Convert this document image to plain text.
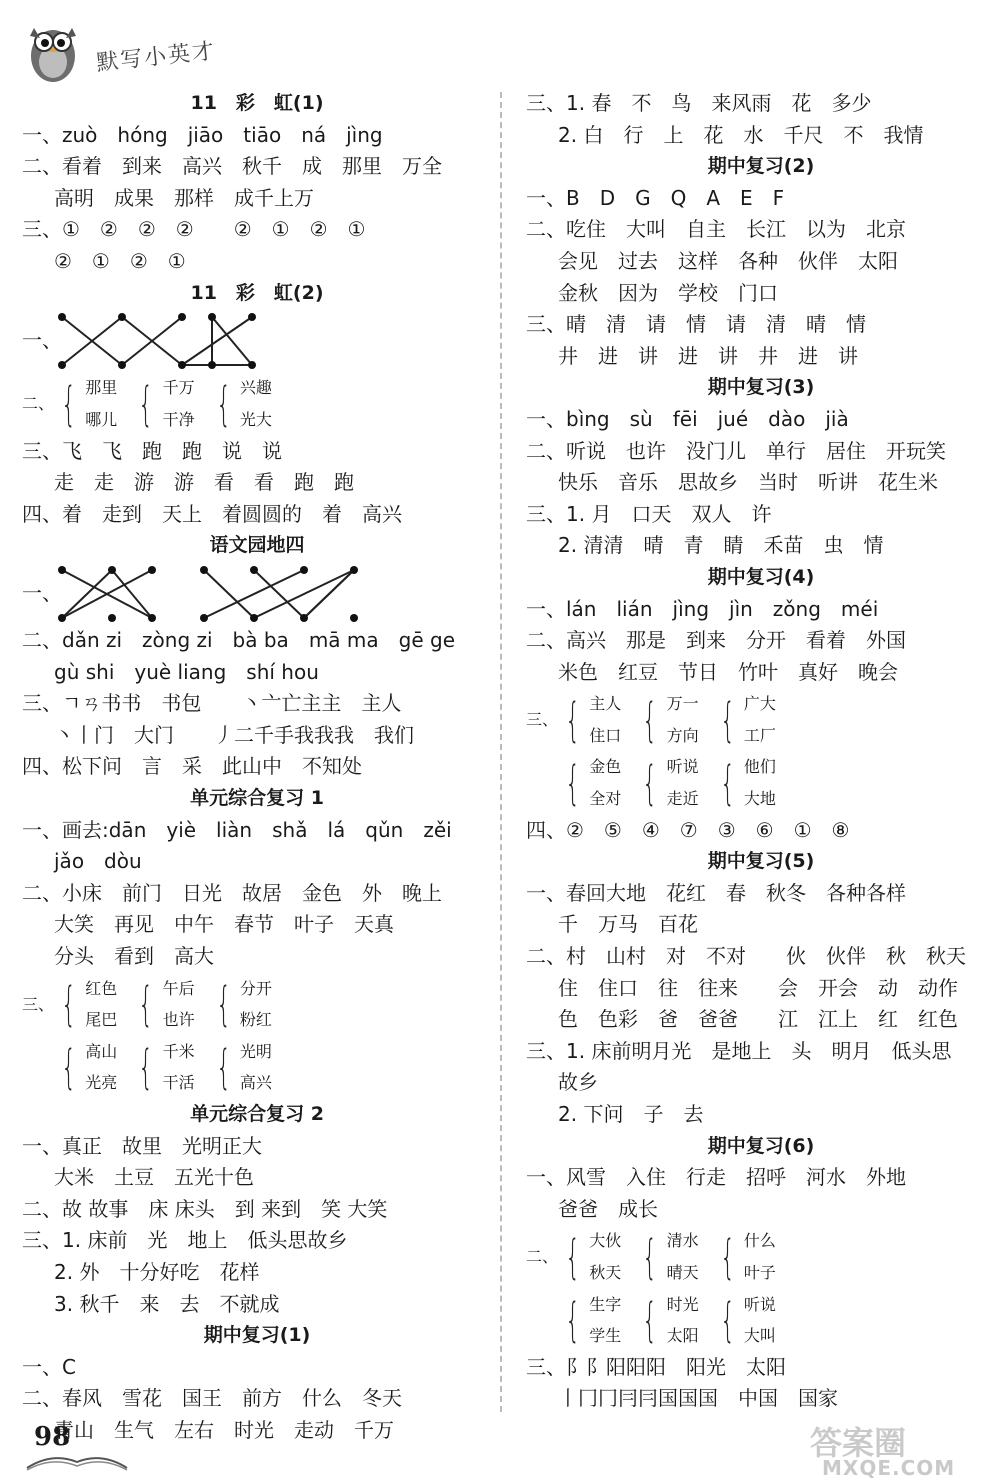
默写小英才
11　彩　虹(1)
一、zuò　hóng　jiāo　tiāo　ná　jìng
二、看着　到来　高兴　秋千　成　那里　万全
高明　成果　那样　成千上万
三、①　②　②　②　　②　①　②　①
②　①　②　①
11　彩　虹(2)
一、
二、 { 那里
哪儿 { 千万
干净 { 兴趣
光大
三、飞　飞　跑　跑　说　说
走　走　游　游　看　看　跑　跑
四、着　走到　天上　着圆圆的　着　高兴
语文园地四
一、
二、dǎn zi　zòng zi　bà ba　mā ma　gē ge
gù shi　yuè liang　shí hou
三、ㄱㄢ书书　书包　　丶亠亡主主　主人
丶丨门　大门　　丿二千手我我我　我们
四、松下问　言　采　此山中　不知处
单元综合复习 1
一、画去:dān　yiè　liàn　shǎ　lá　qǔn　zěi
jǎo　dòu
二、小床　前门　日光　故居　金色　外　晚上
大笑　再见　中午　春节　叶子　天真
分头　看到　高大
三、 { 红色
尾巴 { 午后
也许 { 分开
粉红
{ 高山
光亮 { 千米
干活 { 光明
高兴
单元综合复习 2
一、真正　故里　光明正大
大米　土豆　五光十色
二、故 故事　床 床头　到 来到　笑 大笑
三、1. 床前　光　地上　低头思故乡
2. 外　十分好吃　花样
3. 秋千　来　去　不就成
期中复习(1)
一、C
二、春风　雪花　国王　前方　什么　冬天
青山　生气　左右　时光　走动　千万
三、1. 春　不　鸟　来风雨　花　多少
2. 白　行　上　花　水　千尺　不　我情
期中复习(2)
一、B　D　G　Q　A　E　F
二、吃住　大叫　自主　长江　以为　北京
会见　过去　这样　各种　伙伴　太阳
金秋　因为　学校　门口
三、晴　清　请　情　请　清　晴　情
井　进　讲　进　讲　井　进　讲
期中复习(3)
一、bìng　sù　fēi　jué　dào　jià
二、听说　也许　没门儿　单行　居住　开玩笑
快乐　音乐　思故乡　当时　听讲　花生米
三、1. 月　口天　双人　许
2. 清清　晴　青　睛　禾苗　虫　情
期中复习(4)
一、lán　lián　jìng　jìn　zǒng　méi
二、高兴　那是　到来　分开　看着　外国
米色　红豆　节日　竹叶　真好　晚会
三、 { 主人
住口 { 万一
方向 { 广大
工厂
{ 金色
全对 { 听说
走近 { 他们
大地
四、②　⑤　④　⑦　③　⑥　①　⑧
期中复习(5)
一、春回大地　花红　春　秋冬　各种各样
千　万马　百花
二、村　山村　对　不对　　伙　伙伴　秋　秋天
住　住口　往　往来　　会　开会　动　动作
色　色彩　爸　爸爸　　江　江上　红　红色
三、1. 床前明月光　是地上　头　明月　低头思
故乡
2. 下问　子　去
期中复习(6)
一、风雪　入住　行走　招呼　河水　外地
爸爸　成长
二、 { 大伙
秋天 { 清水
晴天 { 什么
叶子
{ 生字
学生 { 时光
太阳 { 听说
大叫
三、阝阝阳阳阳　阳光　太阳
丨冂冂冃冃国国国　中国　国家
98	答案圈
MXQE.COM
